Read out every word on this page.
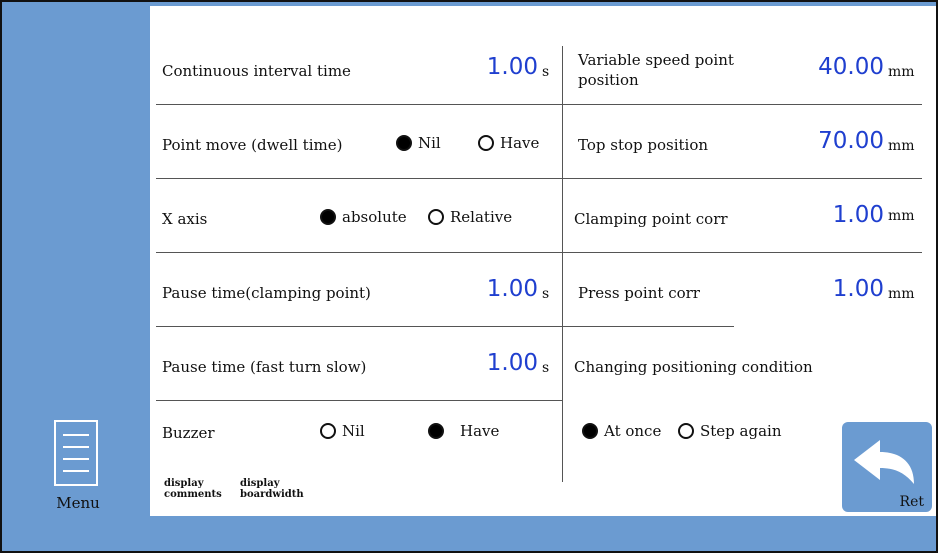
Menu
Continuous interval time	1.00 s
Point move (dwell time)	Nil	Have
X axis	absolute	Relative
Pause time(clamping point)	1.00 s
Pause time (fast turn slow)	1.00 s
Buzzer	Nil	Have
display comments
display boardwidth
Variable speed point position	40.00 mm
Top stop position	70.00 mm
Clamping point corr	1.00 mm
Press point corr	1.00 mm
Changing positioning condition
At once	Step again
Ret
